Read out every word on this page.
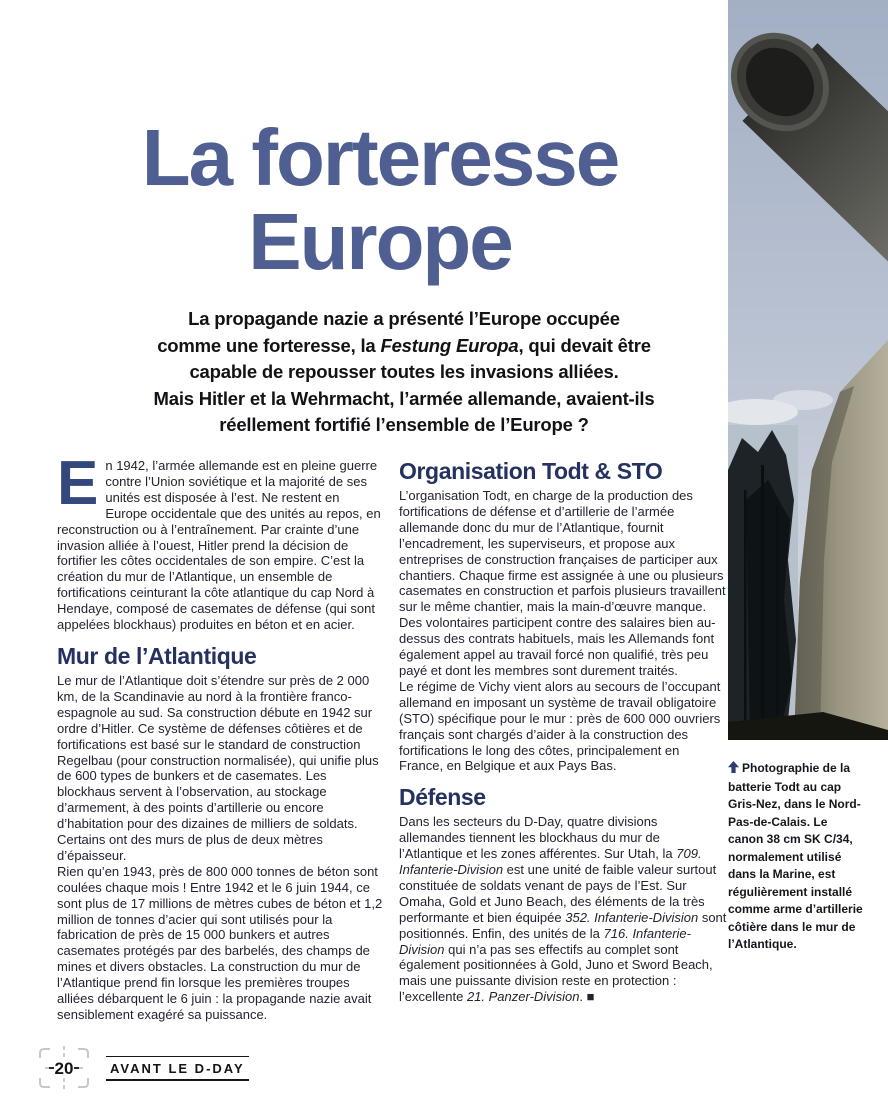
La forteresse
Europe
La propagande nazie a présenté l’Europe occupée
comme une forteresse, la Festung Europa, qui devait être
capable de repousser toutes les invasions alliées.
Mais Hitler et la Wehrmacht, l’armée allemande, avaient-ils
réellement fortifié l’ensemble de l’Europe ?

En 1942, l’armée allemande est en pleine guerre contre l’Union soviétique et la majorité de ses unités est disposée à l’est. Ne restent en Europe occidentale que des unités au repos, en reconstruction ou à l’entraînement. Par crainte d’une invasion alliée à l’ouest, Hitler prend la décision de fortifier les côtes occidentales de son empire. C’est la création du mur de l’Atlantique, un ensemble de fortifications ceinturant la côte atlantique du cap Nord à Hendaye, composé de casemates de défense (qui sont appelées blockhaus) produites en béton et en acier.

Mur de l’Atlantique

Le mur de l’Atlantique doit s’étendre sur près de 2 000 km, de la Scandinavie au nord à la frontière franco-espagnole au sud. Sa construction débute en 1942 sur ordre d’Hitler. Ce système de défenses côtières et de fortifications est basé sur le standard de construction Regelbau (pour construction normalisée), qui unifie plus de 600 types de bunkers et de casemates. Les blockhaus servent à l’observation, au stockage d’armement, à des points d’artillerie ou encore d’habitation pour des dizaines de milliers de soldats. Certains ont des murs de plus de deux mètres d’épaisseur.

Rien qu’en 1943, près de 800 000 tonnes de béton sont coulées chaque mois ! Entre 1942 et le 6 juin 1944, ce sont plus de 17 millions de mètres cubes de béton et 1,2 million de tonnes d’acier qui sont utilisés pour la fabrication de près de 15 000 bunkers et autres casemates protégés par des barbelés, des champs de mines et divers obstacles. La construction du mur de l’Atlantique prend fin lorsque les premières troupes alliées débarquent le 6 juin : la propagande nazie avait sensiblement exagéré sa puissance.

Organisation Todt & STO

L’organisation Todt, en charge de la production des fortifications de défense et d’artillerie de l’armée allemande donc du mur de l’Atlantique, fournit l’encadrement, les superviseurs, et propose aux entreprises de construction françaises de participer aux chantiers. Chaque firme est assignée à une ou plusieurs casemates en construction et parfois plusieurs travaillent sur le même chantier, mais la main-d’œuvre manque. Des volontaires participent contre des salaires bien au-dessus des contrats habituels, mais les Allemands font également appel au travail forcé non qualifié, très peu payé et dont les membres sont durement traités.

Le régime de Vichy vient alors au secours de l’occupant allemand en imposant un système de travail obligatoire (STO) spécifique pour le mur : près de 600 000 ouvriers français sont chargés d’aider à la construction des fortifications le long des côtes, principalement en France, en Belgique et aux Pays Bas.

Défense

Dans les secteurs du D-Day, quatre divisions allemandes tiennent les blockhaus du mur de l’Atlantique et les zones afférentes. Sur Utah, la 709. Infanterie-Division est une unité de faible valeur surtout constituée de soldats venant de pays de l’Est. Sur Omaha, Gold et Juno Beach, des éléments de la très performante et bien équipée 352. Infanterie-Division sont positionnés. Enfin, des unités de la 716. Infanterie-Division qui n’a pas ses effectifs au complet sont également positionnées à Gold, Juno et Sword Beach, mais une puissante division reste en protection : l’excellente 21. Panzer-Division. ■

Photographie de la batterie Todt au cap Gris-Nez, dans le Nord-Pas-de-Calais. Le canon 38 cm SK C/34, normalement utilisé dans la Marine, est régulièrement installé comme arme d’artillerie côtière dans le mur de l’Atlantique.
20	AVANT LE D-DAY
